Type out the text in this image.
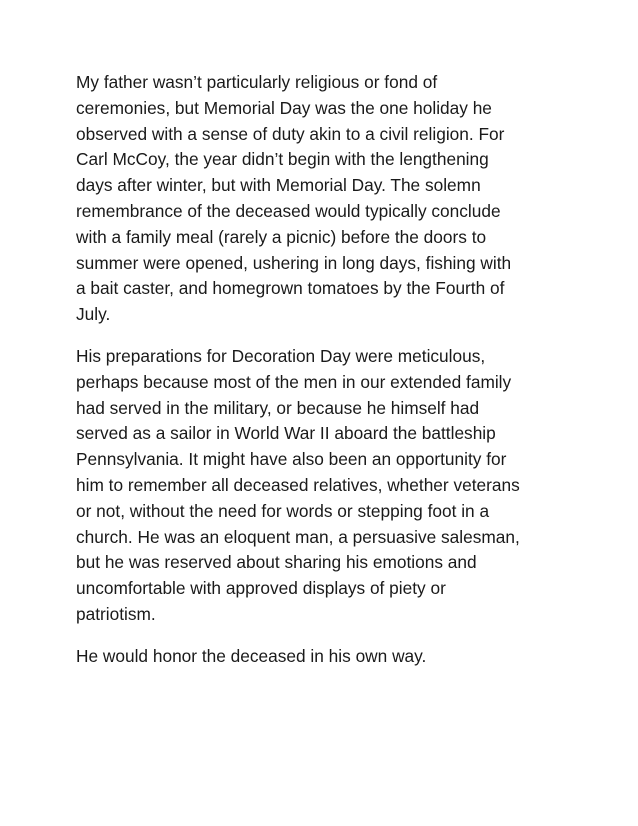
My father wasn’t particularly religious or fond of
ceremonies, but Memorial Day was the one holiday he
observed with a sense of duty akin to a civil religion. For
Carl McCoy, the year didn’t begin with the lengthening
days after winter, but with Memorial Day. The solemn
remembrance of the deceased would typically conclude
with a family meal (rarely a picnic) before the doors to
summer were opened, ushering in long days, fishing with
a bait caster, and homegrown tomatoes by the Fourth of
July.

His preparations for Decoration Day were meticulous,
perhaps because most of the men in our extended family
had served in the military, or because he himself had
served as a sailor in World War II aboard the battleship
Pennsylvania. It might have also been an opportunity for
him to remember all deceased relatives, whether veterans
or not, without the need for words or stepping foot in a
church. He was an eloquent man, a persuasive salesman,
but he was reserved about sharing his emotions and
uncomfortable with approved displays of piety or
patriotism.

He would honor the deceased in his own way.
